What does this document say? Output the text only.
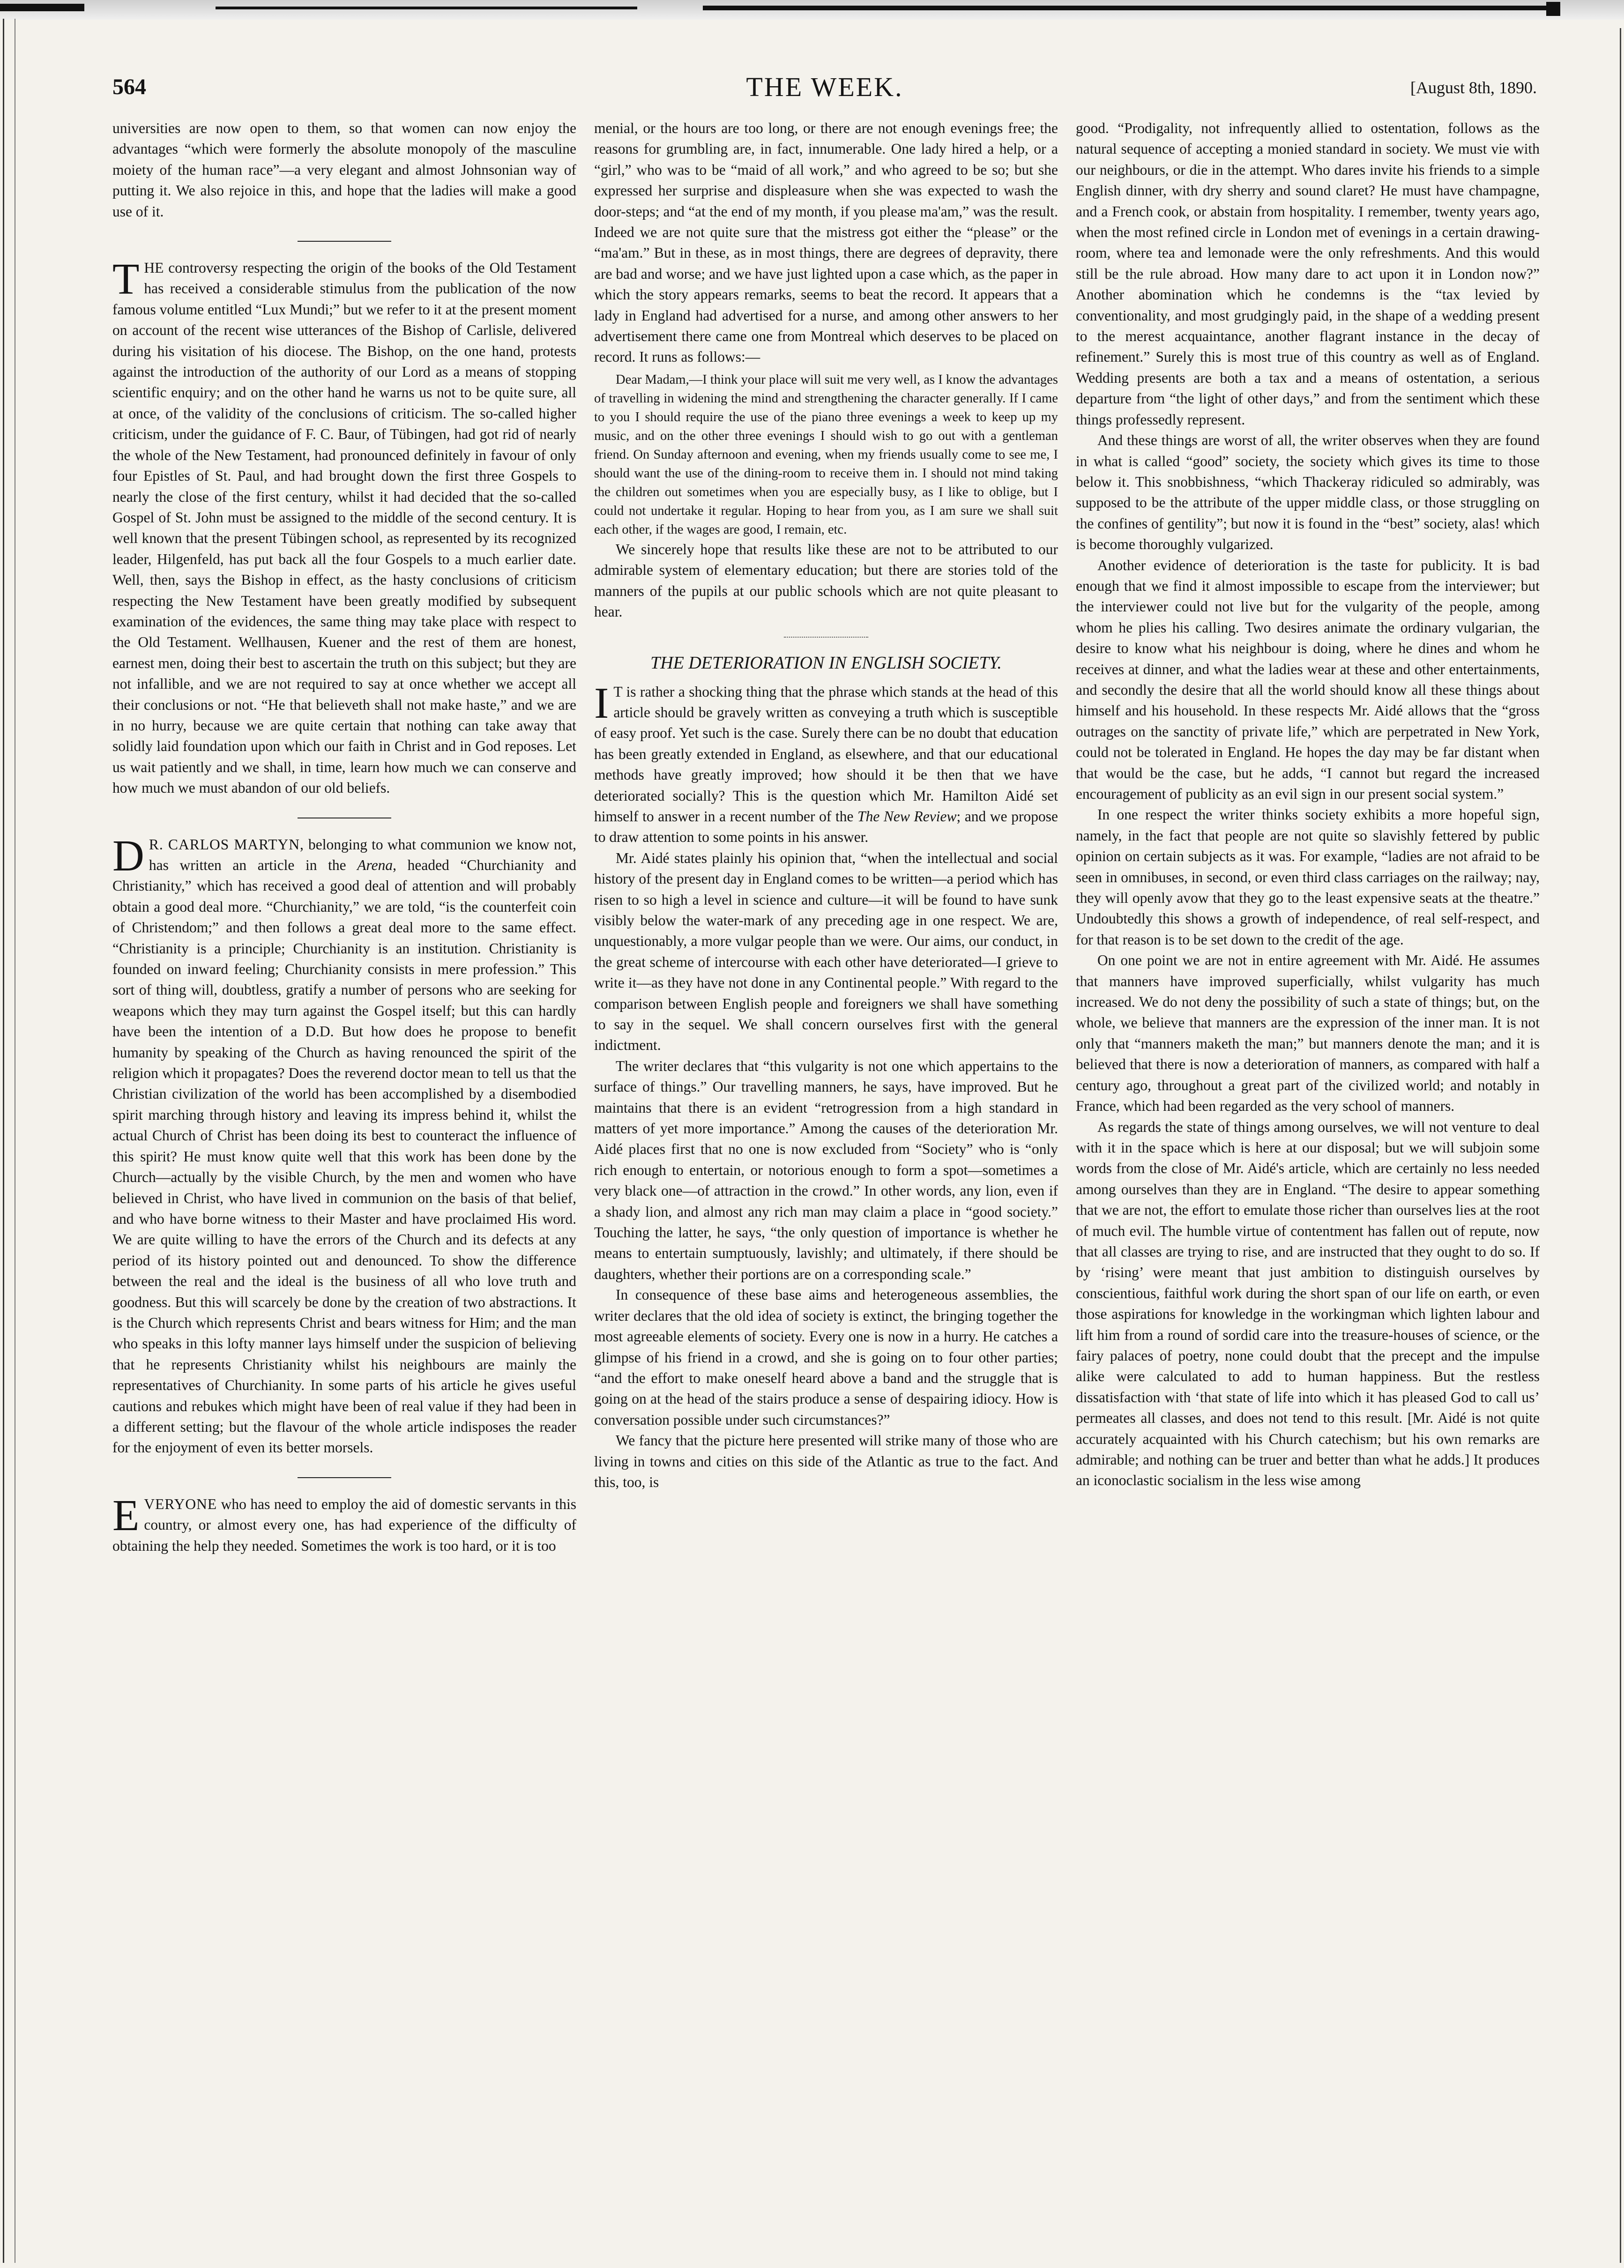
564	THE WEEK.	[August 8th, 1890.

universities are now open to them, so that women can now enjoy the advantages “which were formerly the absolute monopoly of the masculine moiety of the human race”—a very elegant and almost Johnsonian way of putting it. We also rejoice in this, and hope that the ladies will make a good use of it.

THE controversy respecting the origin of the books of the Old Testament has received a considerable stimulus from the publication of the now famous volume entitled “Lux Mundi;” but we refer to it at the present moment on account of the recent wise utterances of the Bishop of Carlisle, delivered during his visitation of his diocese. The Bishop, on the one hand, protests against the introduction of the authority of our Lord as a means of stopping scientific enquiry; and on the other hand he warns us not to be quite sure, all at once, of the validity of the conclusions of criticism. The so-called higher criticism, under the guidance of F. C. Baur, of Tübingen, had got rid of nearly the whole of the New Testament, had pronounced definitely in favour of only four Epistles of St. Paul, and had brought down the first three Gospels to nearly the close of the first century, whilst it had decided that the so-called Gospel of St. John must be assigned to the middle of the second century. It is well known that the present Tübingen school, as represented by its recognized leader, Hilgenfeld, has put back all the four Gospels to a much earlier date. Well, then, says the Bishop in effect, as the hasty conclusions of criticism respecting the New Testament have been greatly modified by subsequent examination of the evidences, the same thing may take place with respect to the Old Testament. Wellhausen, Kuener and the rest of them are honest, earnest men, doing their best to ascertain the truth on this subject; but they are not infallible, and we are not required to say at once whether we accept all their conclusions or not. “He that believeth shall not make haste,” and we are in no hurry, because we are quite certain that nothing can take away that solidly laid foundation upon which our faith in Christ and in God reposes. Let us wait patiently and we shall, in time, learn how much we can conserve and how much we must abandon of our old beliefs.

D R. CARLOS MARTYN, belonging to what communion we know not, has written an article in the Arena, headed “Churchianity and Christianity,” which has received a good deal of attention and will probably obtain a good deal more. “Churchianity,” we are told, “is the counterfeit coin of Christendom;” and then follows a great deal more to the same effect. “Christianity is a principle; Churchianity is an institution. Christianity is founded on inward feeling; Churchianity consists in mere profession.” This sort of thing will, doubtless, gratify a number of persons who are seeking for weapons which they may turn against the Gospel itself; but this can hardly have been the intention of a D.D. But how does he propose to benefit humanity by speaking of the Church as having renounced the spirit of the religion which it propagates? Does the reverend doctor mean to tell us that the Christian civilization of the world has been accomplished by a disembodied spirit marching through history and leaving its impress behind it, whilst the actual Church of Christ has been doing its best to counteract the influence of this spirit? He must know quite well that this work has been done by the Church—actually by the visible Church, by the men and women who have believed in Christ, who have lived in communion on the basis of that belief, and who have borne witness to their Master and have proclaimed His word. We are quite willing to have the errors of the Church and its defects at any period of its history pointed out and denounced. To show the difference between the real and the ideal is the business of all who love truth and goodness. But this will scarcely be done by the creation of two abstractions. It is the Church which represents Christ and bears witness for Him; and the man who speaks in this lofty manner lays himself under the suspicion of believing that he represents Christianity whilst his neighbours are mainly the representatives of Churchianity. In some parts of his article he gives useful cautions and rebukes which might have been of real value if they had been in a different setting; but the flavour of the whole article indisposes the reader for the enjoyment of even its better morsels.

EVERYONE who has need to employ the aid of domestic servants in this country, or almost every one, has had experience of the difficulty of obtaining the help they needed. Sometimes the work is too hard, or it is too

menial, or the hours are too long, or there are not enough evenings free; the reasons for grumbling are, in fact, innumerable. One lady hired a help, or a “girl,” who was to be “maid of all work,” and who agreed to be so; but she expressed her surprise and displeasure when she was expected to wash the door-steps; and “at the end of my month, if you please ma'am,” was the result. Indeed we are not quite sure that the mistress got either the “please” or the “ma'am.” But in these, as in most things, there are degrees of depravity, there are bad and worse; and we have just lighted upon a case which, as the paper in which the story appears remarks, seems to beat the record. It appears that a lady in England had advertised for a nurse, and among other answers to her advertisement there came one from Montreal which deserves to be placed on record. It runs as follows:—

Dear Madam,—I think your place will suit me very well, as I know the advantages of travelling in widening the mind and strengthening the character generally. If I came to you I should require the use of the piano three evenings a week to keep up my music, and on the other three evenings I should wish to go out with a gentleman friend. On Sunday afternoon and evening, when my friends usually come to see me, I should want the use of the dining-room to receive them in. I should not mind taking the children out sometimes when you are especially busy, as I like to oblige, but I could not undertake it regular. Hoping to hear from you, as I am sure we shall suit each other, if the wages are good, I remain, etc.

We sincerely hope that results like these are not to be attributed to our admirable system of elementary education; but there are stories told of the manners of the pupils at our public schools which are not quite pleasant to hear.

THE DETERIORATION IN ENGLISH SOCIETY.

I T is rather a shocking thing that the phrase which stands at the head of this article should be gravely written as conveying a truth which is susceptible of easy proof. Yet such is the case. Surely there can be no doubt that education has been greatly extended in England, as elsewhere, and that our educational methods have greatly improved; how should it be then that we have deteriorated socially? This is the question which Mr. Hamilton Aidé set himself to answer in a recent number of the The New Review; and we propose to draw attention to some points in his answer.

Mr. Aidé states plainly his opinion that, “when the intellectual and social history of the present day in England comes to be written—a period which has risen to so high a level in science and culture—it will be found to have sunk visibly below the water-mark of any preceding age in one respect. We are, unquestionably, a more vulgar people than we were. Our aims, our conduct, in the great scheme of intercourse with each other have deteriorated—I grieve to write it—as they have not done in any Continental people.” With regard to the comparison between English people and foreigners we shall have something to say in the sequel. We shall concern ourselves first with the general indictment.

The writer declares that “this vulgarity is not one which appertains to the surface of things.” Our travelling manners, he says, have improved. But he maintains that there is an evident “retrogression from a high standard in matters of yet more importance.” Among the causes of the deterioration Mr. Aidé places first that no one is now excluded from “Society” who is “only rich enough to entertain, or notorious enough to form a spot—sometimes a very black one—of attraction in the crowd.” In other words, any lion, even if a shady lion, and almost any rich man may claim a place in “good society.” Touching the latter, he says, “the only question of importance is whether he means to entertain sumptuously, lavishly; and ultimately, if there should be daughters, whether their portions are on a corresponding scale.”

In consequence of these base aims and heterogeneous assemblies, the writer declares that the old idea of society is extinct, the bringing together the most agreeable elements of society. Every one is now in a hurry. He catches a glimpse of his friend in a crowd, and she is going on to four other parties; “and the effort to make oneself heard above a band and the struggle that is going on at the head of the stairs produce a sense of despairing idiocy. How is conversation possible under such circumstances?”

We fancy that the picture here presented will strike many of those who are living in towns and cities on this side of the Atlantic as true to the fact. And this, too, is

good. “Prodigality, not infrequently allied to ostentation, follows as the natural sequence of accepting a monied standard in society. We must vie with our neighbours, or die in the attempt. Who dares invite his friends to a simple English dinner, with dry sherry and sound claret? He must have champagne, and a French cook, or abstain from hospitality. I remember, twenty years ago, when the most refined circle in London met of evenings in a certain drawing-room, where tea and lemonade were the only refreshments. And this would still be the rule abroad. How many dare to act upon it in London now?” Another abomination which he condemns is the “tax levied by conventionality, and most grudgingly paid, in the shape of a wedding present to the merest acquaintance, another flagrant instance in the decay of refinement.” Surely this is most true of this country as well as of England. Wedding presents are both a tax and a means of ostentation, a serious departure from “the light of other days,” and from the sentiment which these things professedly represent.

And these things are worst of all, the writer observes when they are found in what is called “good” society, the society which gives its time to those below it. This snobbishness, “which Thackeray ridiculed so admirably, was supposed to be the attribute of the upper middle class, or those struggling on the confines of gentility”; but now it is found in the “best” society, alas! which is become thoroughly vulgarized.

Another evidence of deterioration is the taste for publicity. It is bad enough that we find it almost impossible to escape from the interviewer; but the interviewer could not live but for the vulgarity of the people, among whom he plies his calling. Two desires animate the ordinary vulgarian, the desire to know what his neighbour is doing, where he dines and whom he receives at dinner, and what the ladies wear at these and other entertainments, and secondly the desire that all the world should know all these things about himself and his household. In these respects Mr. Aidé allows that the “gross outrages on the sanctity of private life,” which are perpetrated in New York, could not be tolerated in England. He hopes the day may be far distant when that would be the case, but he adds, “I cannot but regard the increased encouragement of publicity as an evil sign in our present social system.”

In one respect the writer thinks society exhibits a more hopeful sign, namely, in the fact that people are not quite so slavishly fettered by public opinion on certain subjects as it was. For example, “ladies are not afraid to be seen in omnibuses, in second, or even third class carriages on the railway; nay, they will openly avow that they go to the least expensive seats at the theatre.” Undoubtedly this shows a growth of independence, of real self-respect, and for that reason is to be set down to the credit of the age.

On one point we are not in entire agreement with Mr. Aidé. He assumes that manners have improved superficially, whilst vulgarity has much increased. We do not deny the possibility of such a state of things; but, on the whole, we believe that manners are the expression of the inner man. It is not only that “manners maketh the man;” but manners denote the man; and it is believed that there is now a deterioration of manners, as compared with half a century ago, throughout a great part of the civilized world; and notably in France, which had been regarded as the very school of manners.

As regards the state of things among ourselves, we will not venture to deal with it in the space which is here at our disposal; but we will subjoin some words from the close of Mr. Aidé's article, which are certainly no less needed among ourselves than they are in England. “The desire to appear something that we are not, the effort to emulate those richer than ourselves lies at the root of much evil. The humble virtue of contentment has fallen out of repute, now that all classes are trying to rise, and are instructed that they ought to do so. If by ‘rising’ were meant that just ambition to distinguish ourselves by conscientious, faithful work during the short span of our life on earth, or even those aspirations for knowledge in the workingman which lighten labour and lift him from a round of sordid care into the treasure-houses of science, or the fairy palaces of poetry, none could doubt that the precept and the impulse alike were calculated to add to human happiness. But the restless dissatisfaction with ‘that state of life into which it has pleased God to call us’ permeates all classes, and does not tend to this result. [Mr. Aidé is not quite accurately acquainted with his Church catechism; but his own remarks are admirable; and nothing can be truer and better than what he adds.] It produces an iconoclastic socialism in the less wise among
